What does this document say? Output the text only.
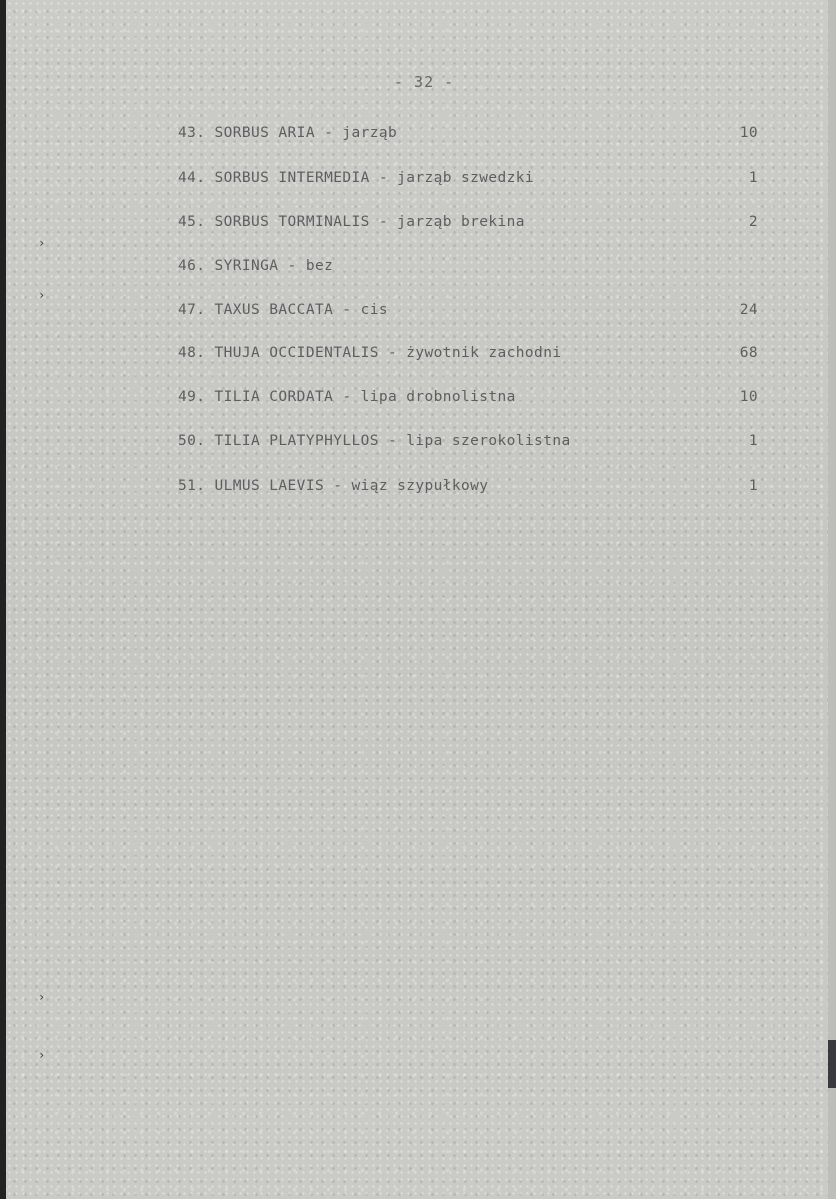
- 32 -
43. SORBUS ARIA - jarząb	10
44. SORBUS INTERMEDIA - jarząb szwedzki	1
45. SORBUS TORMINALIS - jarząb brekina	2
46. SYRINGA - bez
47. TAXUS BACCATA - cis	24
48. THUJA OCCIDENTALIS - żywotnik zachodni	68
49. TILIA CORDATA - lipa drobnolistna	10
50. TILIA PLATYPHYLLOS - lipa szerokolistna	1
51. ULMUS LAEVIS - wiąz szypułkowy	1
›
›
›
›
